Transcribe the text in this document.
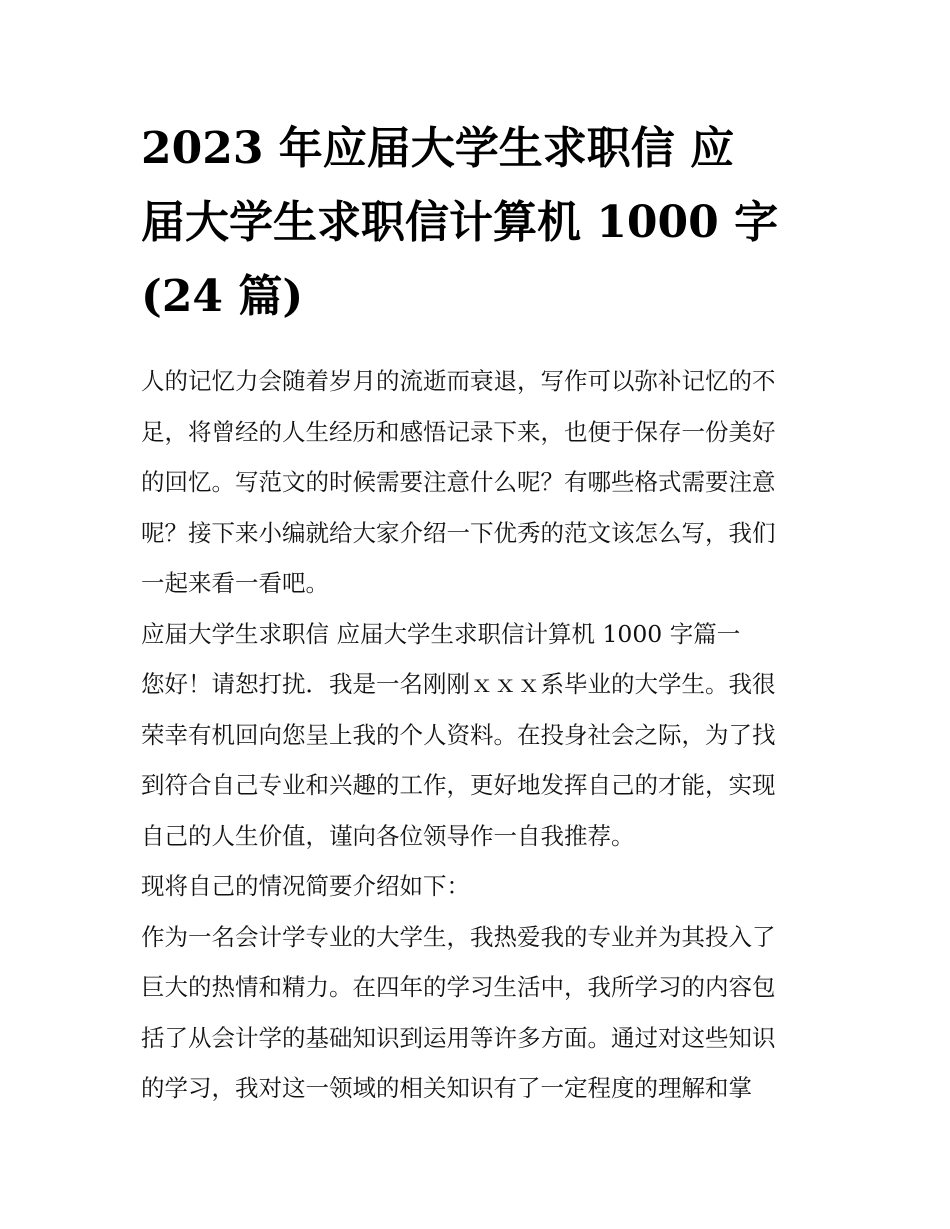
2023 年应届大学生求职信 应
届大学生求职信计算机 1000 字
(24 篇)

人的记忆力会随着岁月的流逝而衰退，写作可以弥补记忆的不
足，将曾经的人生经历和感悟记录下来，也便于保存一份美好
的回忆。写范文的时候需要注意什么呢？有哪些格式需要注意
呢？接下来小编就给大家介绍一下优秀的范文该怎么写，我们
一起来看一看吧。

应届大学生求职信 应届大学生求职信计算机 1000 字篇一

您好！请恕打扰．我是一名刚刚ｘｘｘ系毕业的大学生。我很
荣幸有机回向您呈上我的个人资料。在投身社会之际，为了找
到符合自己专业和兴趣的工作，更好地发挥自己的才能，实现
自己的人生价值，谨向各位领导作一自我推荐。

现将自己的情况简要介绍如下：

作为一名会计学专业的大学生，我热爱我的专业并为其投入了
巨大的热情和精力。在四年的学习生活中，我所学习的内容包
括了从会计学的基础知识到运用等许多方面。通过对这些知识
的学习，我对这一领域的相关知识有了一定程度的理解和掌
